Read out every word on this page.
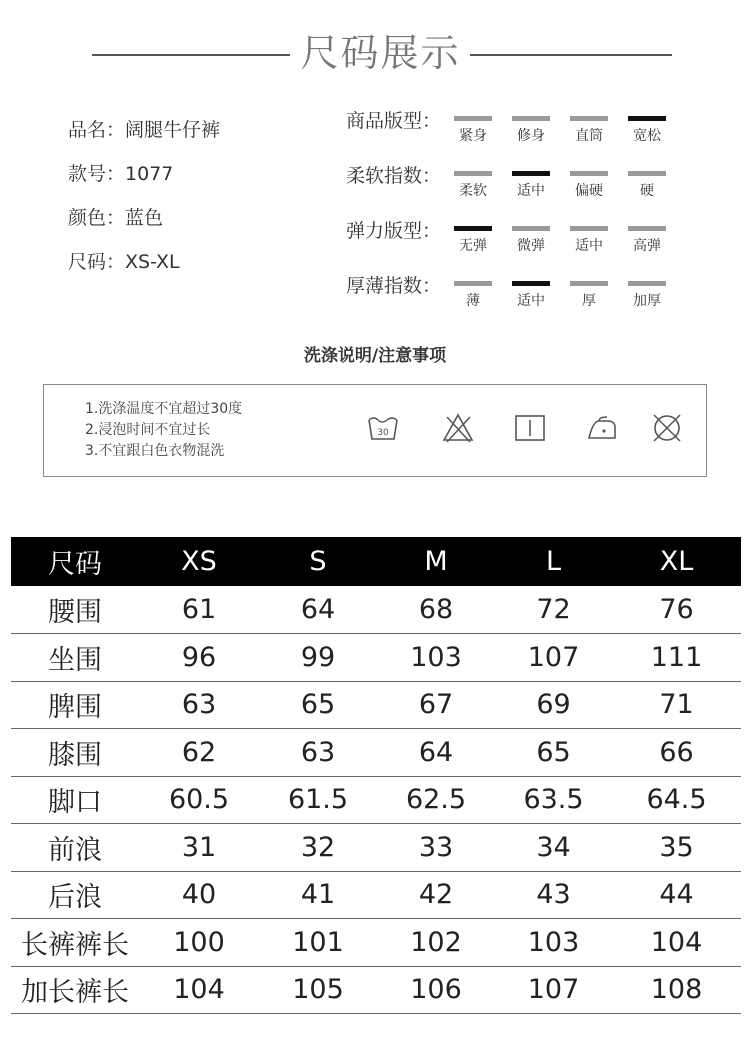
尺码展示
品名：阔腿牛仔裤
款号：1077
颜色：蓝色
尺码：XS-XL
商品版型：
紧身	修身	直筒	宽松
柔软指数：
柔软	适中	偏硬	硬
弹力版型：
无弹	微弹	适中	高弹
厚薄指数：
薄	适中	厚	加厚
洗涤说明/注意事项
1.洗涤温度不宜超过30度
2.浸泡时间不宜过长
3.不宜跟白色衣物混洗
30
尺码	XS	S	M	L	XL
腰围	61	64	68	72	76
坐围	96	99	103	107	111
脾围	63	65	67	69	71
膝围	62	63	64	65	66
脚口	60.5	61.5	62.5	63.5	64.5
前浪	31	32	33	34	35
后浪	40	41	42	43	44
长裤裤长	100	101	102	103	104
加长裤长	104	105	106	107	108
